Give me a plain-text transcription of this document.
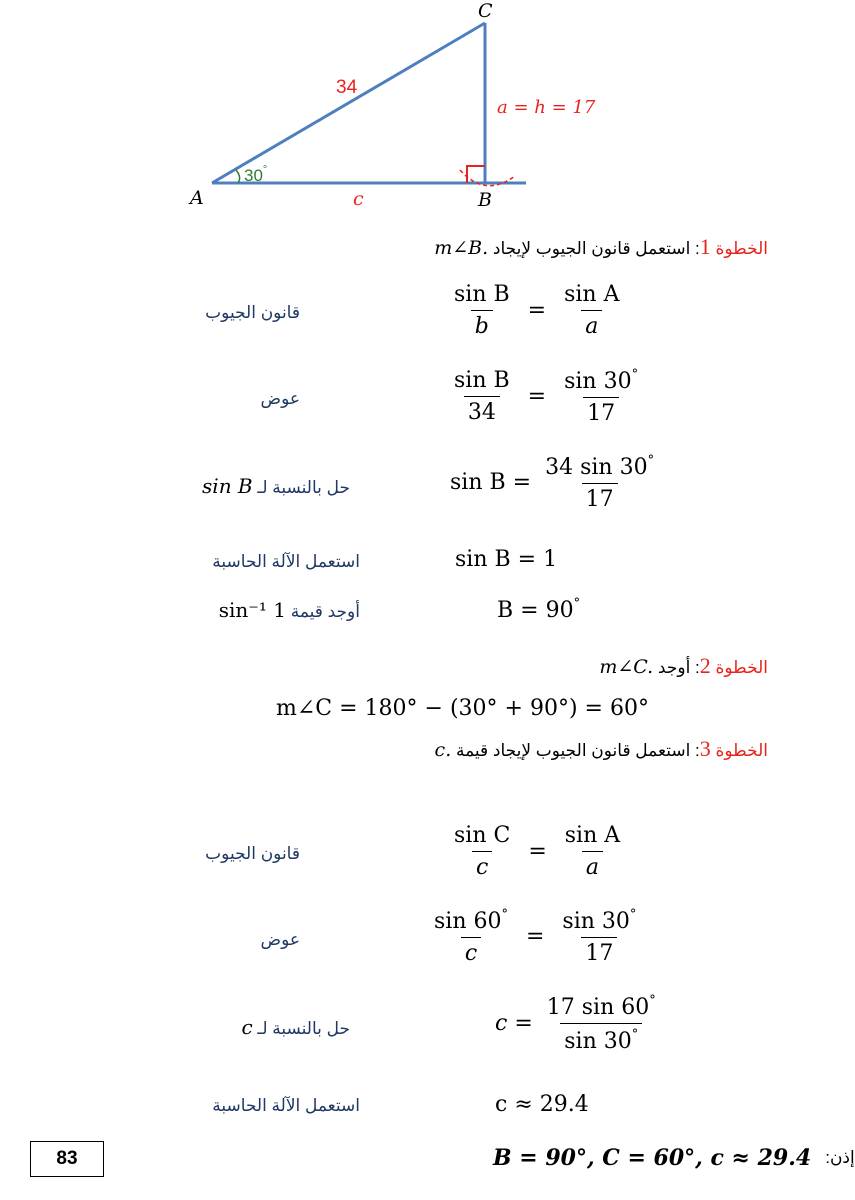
A	B
C
34
30°
c
a = h = 17
الخطوة 1: استعمل قانون الجيوب لإيجاد m∠B.
قانون الجيوب	$\frac{\text{sin B}}{b} = \frac{\text{sin A}}{a}$
عوض	$\frac{\text{sin B}}{34} = \frac{\sin 30^\circ}{17}$
حل بالنسبة لـ sin B	$\sin B = \frac{34 \sin 30^\circ}{17}$
استعمل الآلة الحاسبة	sin B = 1
أوجد قيمة sin⁻¹ 1	B = 90°
الخطوة 2: أوجد m∠C.
m∠C = 180° − (30° + 90°) = 60°
الخطوة 3: استعمل قانون الجيوب لإيجاد قيمة c.
قانون الجيوب	$\frac{\text{sin C}}{c} = \frac{\text{sin A}}{a}$
عوض	$\frac{\sin 60^\circ}{c} = \frac{\sin 30^\circ}{17}$
حل بالنسبة لـ c	$c = \frac{17 \sin 60^\circ}{\sin 30^\circ}$
استعمل الآلة الحاسبة	c ≈ 29.4
83	B = 90°, C = 60°, c ≈ 29.4 إذن:
